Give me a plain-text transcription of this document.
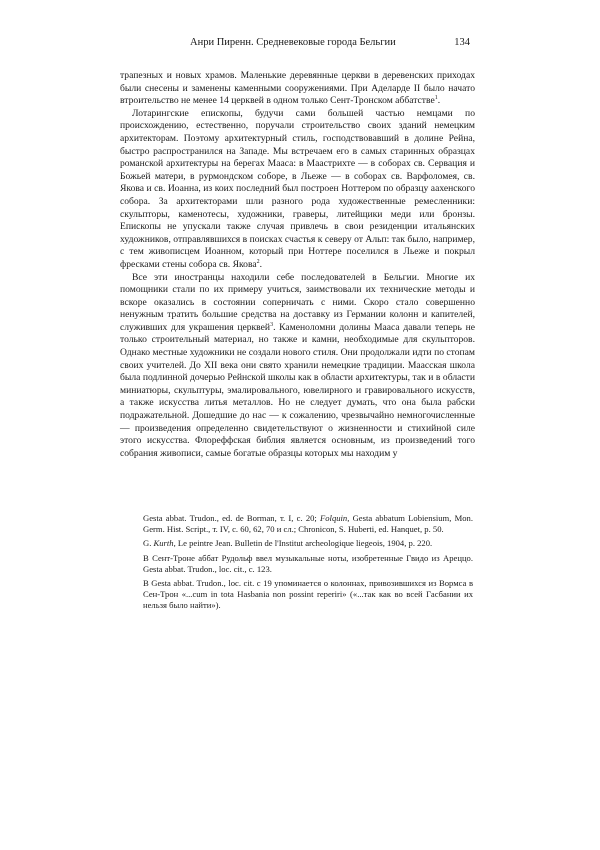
Анри Пиренн. Средневековые города Бельгии	134

трапезных и новых храмов. Маленькие деревянные церкви в деревенских приходах были снесены и заменены каменными сооружениями. При Аделарде II было начато втроительство не менее 14 церквей в одном только Сент-Тронском аббатстве$^1$.

Лотарингские епископы, будучи сами большей частью немцами по происхождению, естественно, поручали строительство своих зданий немецким архитекторам. Поэтому архитектурный стиль, господствовавший в долине Рейна, быстро распространился на Западе. Мы встречаем его в самых старинных образцах романской архитектуры на берегах Мааса: в Маастрихте — в соборах св. Сервация и Божьей матери, в рурмондском соборе, в Льеже — в соборах св. Варфоломея, св. Якова и св. Иоанна, из коих последний был построен Ноттером по образцу аахенского собора. За архитекторами шли разного рода художественные ремесленники: скульпторы, каменотесы, художники, граверы, литейщики меди или бронзы. Епископы не упускали также случая привлечь в свои резиденции итальянских художников, отправлявшихся в поисках счастья к северу от Альп: так было, например, с тем живописцем Иоанном, который при Ноттере поселился в Льеже и покрыл фресками стены собора св. Якова$^2$.

Все эти иностранцы находили себе последователей в Бельгии. Многие их помощники стали по их примеру учиться, заимствовали их технические методы и вскоре оказались в состоянии соперничать с ними. Скоро стало совершенно ненужным тратить большие средства на доставку из Германии колонн и капителей, служивших для украшения церквей$^3$. Каменоломни долины Мааса давали теперь не только строительный материал, но также и камни, необходимые для скульпторов. Однако местные художники не создали нового стиля. Они продолжали идти по стопам своих учителей. До XII века они свято хранили немецкие традиции. Маасская школа была подлинной дочерью Рейнской школы как в области архитектуры, так и в области миниатюры, скульптуры, эмалировального, ювелирного и гравировального искусств, а также искусства литья металлов. Но не следует думать, что она была рабски подражательной. Дошедшие до нас — к сожалению, чрезвычайно немногочисленные — произведения определенно свидетельствуют о жизненности и стихийной силе этого искусства. Флореффская библия является основным, из произведений того собрания живописи, самые богатые образцы которых мы находим у

Gesta abbat. Trudon., ed. de Borman, т. I, c. 20; Folquin, Gesta abbatum Lobiensium, Mon. Germ. Hist. Script., т. IV, c. 60, 62, 70 и сл.; Chronicon, S. Huberti, ed. Hanquet, p. 50.

G. Kurth, Le peintre Jean. Bulletin de l'Institut archeologique liegeois, 1904, p. 220.

В Сент-Троне аббат Рудольф ввел музыкальные ноты, изобретенные Гвидо из Ареццо. Gesta abbat. Trudon., loc. cit., c. 123.

В Gesta abbat. Trudon., loc. cit. c 19 упоминается о колоннах, привозившихся из Вормса в Сен-Трон «...cum in tota Hasbania non possint reperiri» («...так как во всей Гасбании их нельзя было найти»).
